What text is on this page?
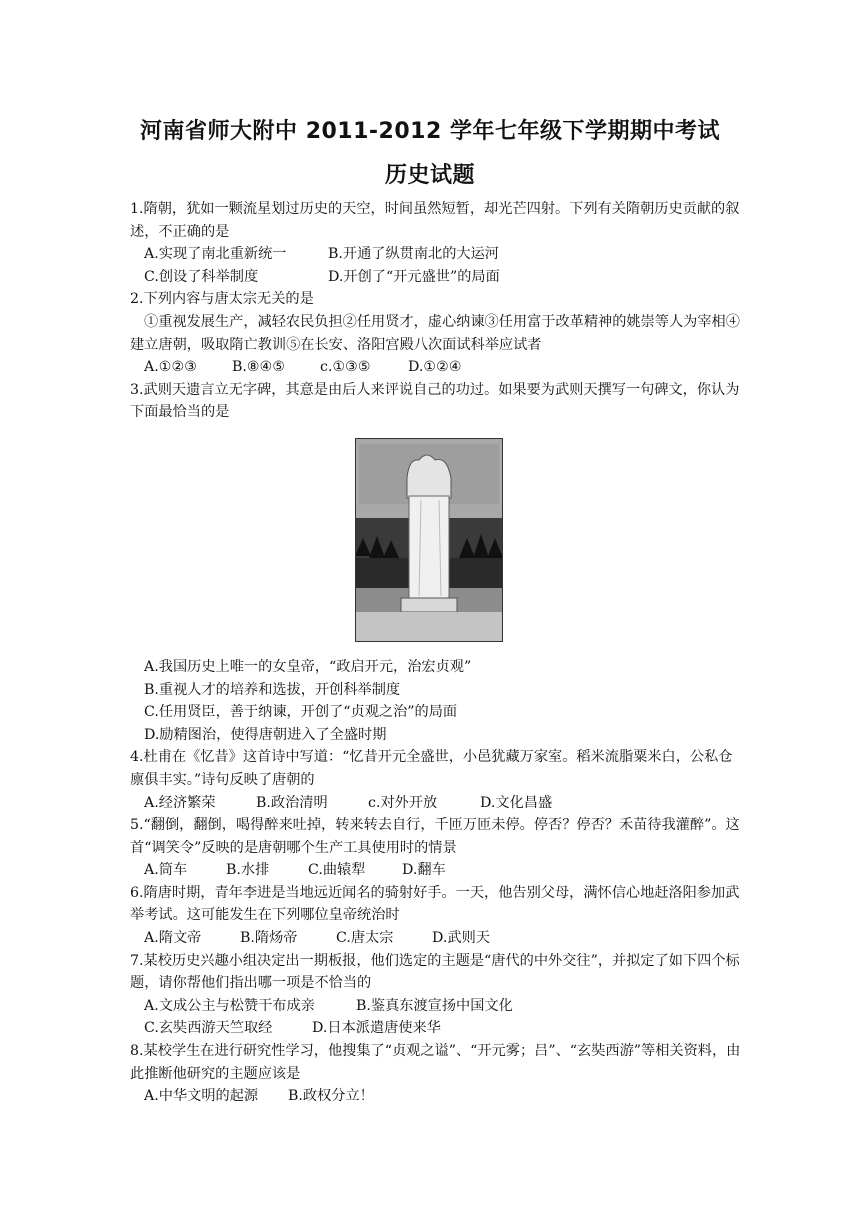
河南省师大附中 2011-2012 学年七年级下学期期中考试
历史试题

1.隋朝，犹如一颗流星划过历史的天空，时间虽然短暂，却光芒四射。下列有关隋朝历史贡献的叙述，不正确的是

A.实现了南北重新统一	B.开通了纵贯南北的大运河
C.创设了科举制度	D.开创了“开元盛世”的局面

2.下列内容与唐太宗无关的是

①重视发展生产，减轻农民负担②任用贤才，虚心纳谏③任用富于改革精神的姚崇等人为宰相④建立唐朝，吸取隋亡教训⑤在长安、洛阳宫殿八次面试科举应试者

A.①②③ B.⑧④⑤ c.①③⑤	D.①②④

3.武则天遗言立无字碑，其意是由后人来评说自己的功过。如果要为武则天撰写一句碑文，你认为下面最恰当的是

A.我国历史上唯一的女皇帝，“政启开元，治宏贞观”

B.重视人才的培养和选拔，开创科举制度

C.任用贤臣，善于纳谏，开创了“贞观之治”的局面

D.励精图治，使得唐朝进入了全盛时期

4.杜甫在《忆昔》这首诗中写道：“忆昔开元全盛世，小邑犹藏万家室。稻米流脂粟米白，公私仓廪俱丰实。”诗句反映了唐朝的

A.经济繁荣	B.政治清明	c.对外开放	D.文化昌盛

5.“翻倒，翻倒，喝得醉来吐掉，转来转去自行，千匝万匝未停。停否？停否？禾苗待我灌醉”。这首“调笑令”反映的是唐朝哪个生产工具使用时的情景

A.筒车	B.水排	C.曲辕犁	D.翻车

6.隋唐时期，青年李进是当地远近闻名的骑射好手。一天，他告别父母，满怀信心地赶洛阳参加武举考试。这可能发生在下列哪位皇帝统治时

A.隋文帝	B.隋炀帝	C.唐太宗	D.武则天

7.某校历史兴趣小组决定出一期板报，他们选定的主题是“唐代的中外交往”，并拟定了如下四个标题，请你帮他们指出哪一项是不恰当的

A.文成公主与松赞干布成亲	B.鉴真东渡宣扬中国文化
C.玄奘西游天竺取经	D.日本派遣唐使来华

8.某校学生在进行研究性学习，他搜集了“贞观之谥”、“开元雾；吕”、“玄奘西游”等相关资料，由此推断他研究的主题应该是

A.中华文明的起源 B.政权分立！
